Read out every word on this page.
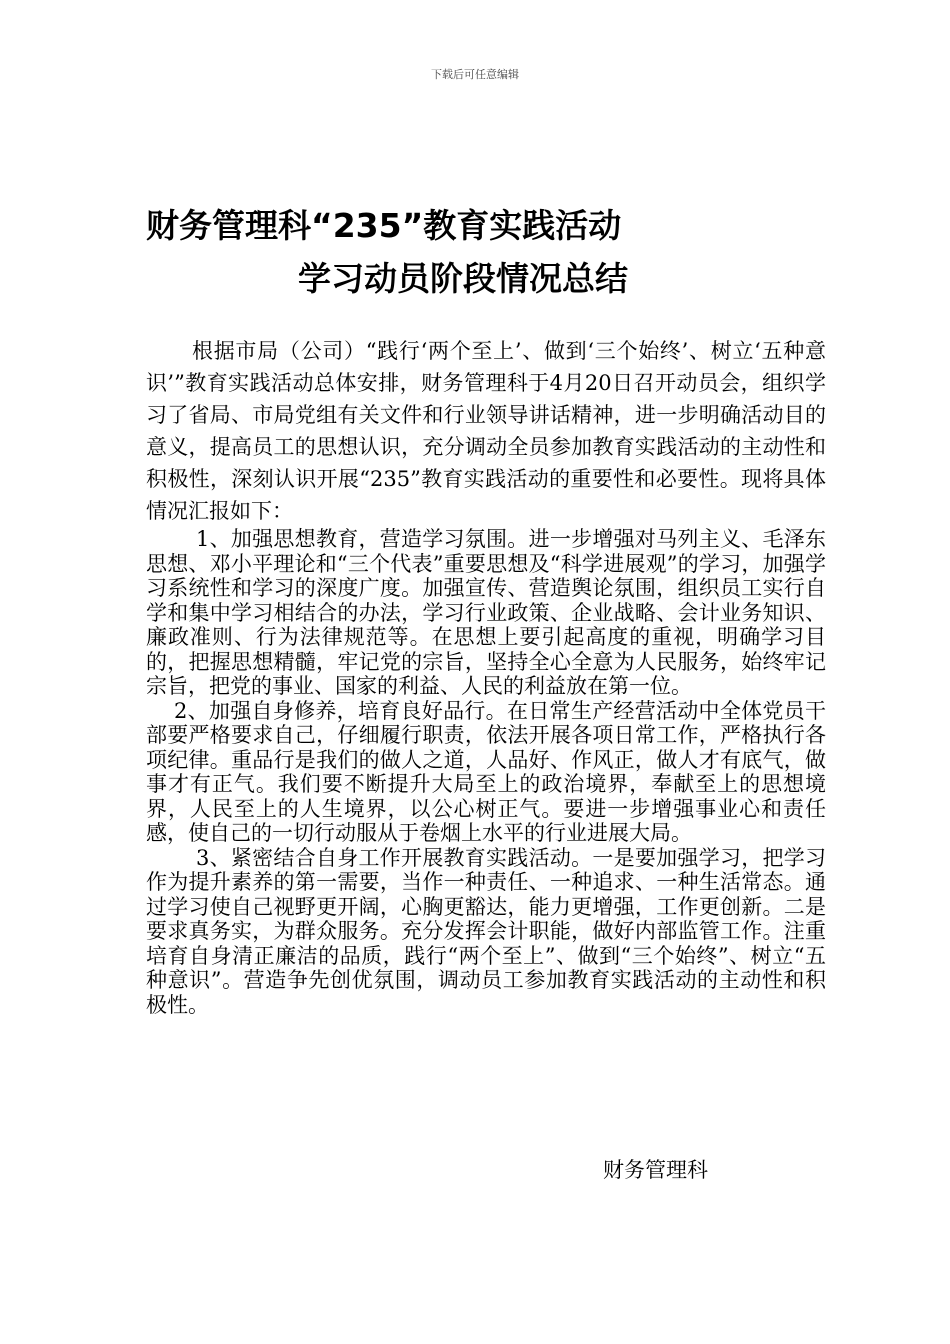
下载后可任意编辑
财务管理科“235”教育实践活动
学习动员阶段情况总结

根据市局（公司）“践行‘两个至上’、做到‘三个始终’、树立‘五种意识’”教育实践活动总体安排，财务管理科于4月20日召开动员会，组织学习了省局、市局党组有关文件和行业领导讲话精神，进一步明确活动目的意义，提高员工的思想认识，充分调动全员参加教育实践活动的主动性和积极性，深刻认识开展“235”教育实践活动的重要性和必要性。现将具体情况汇报如下：

1、加强思想教育，营造学习氛围。进一步增强对马列主义、毛泽东思想、邓小平理论和“三个代表”重要思想及“科学进展观”的学习，加强学习系统性和学习的深度广度。加强宣传、营造舆论氛围，组织员工实行自学和集中学习相结合的办法，学习行业政策、企业战略、会计业务知识、廉政准则、行为法律规范等。在思想上要引起高度的重视，明确学习目的，把握思想精髓，牢记党的宗旨，坚持全心全意为人民服务，始终牢记宗旨，把党的事业、国家的利益、人民的利益放在第一位。

2、加强自身修养，培育良好品行。在日常生产经营活动中全体党员干部要严格要求自己，仔细履行职责，依法开展各项日常工作，严格执行各项纪律。重品行是我们的做人之道，人品好、作风正，做人才有底气，做事才有正气。我们要不断提升大局至上的政治境界，奉献至上的思想境界，人民至上的人生境界，以公心树正气。要进一步增强事业心和责任感，使自己的一切行动服从于卷烟上水平的行业进展大局。

3、紧密结合自身工作开展教育实践活动。一是要加强学习，把学习作为提升素养的第一需要，当作一种责任、一种追求、一种生活常态。通过学习使自己视野更开阔，心胸更豁达，能力更增强，工作更创新。二是要求真务实，为群众服务。充分发挥会计职能，做好内部监管工作。注重培育自身清正廉洁的品质，践行“两个至上”、做到“三个始终”、树立“五种意识”。营造争先创优氛围，调动员工参加教育实践活动的主动性和积极性。

财务管理科
